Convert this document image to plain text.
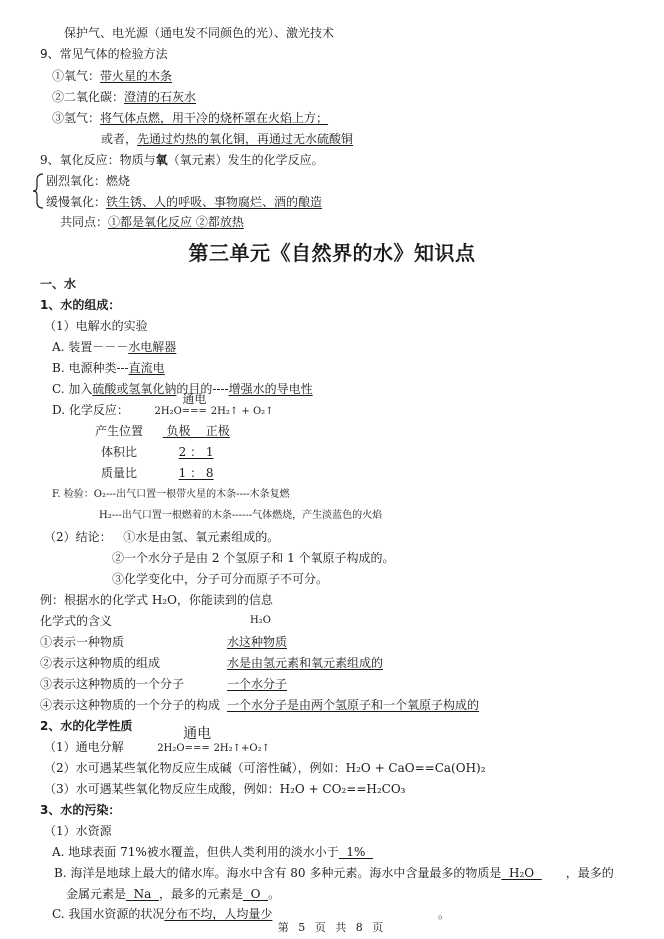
保护气、电光源（通电发不同颜色的光）、激光技术
9、常见气体的检验方法
①氧气：带火星的木条
②二氧化碳：澄清的石灰水
③氢气：将气体点燃，用干冷的烧杯罩在火焰上方；
或者，先通过灼热的氧化铜，再通过无水硫酸铜
9、氧化反应：物质与氧（氧元素）发生的化学反应。
剧烈氧化：燃烧
缓慢氧化：铁生锈、人的呼吸、事物腐烂、酒的酿造
共同点：①都是氧化反应 ②都放热
第三单元《自然界的水》知识点
一、水
1、水的组成：
（1）电解水的实验
A. 装置－－－水电解器
B. 电源种类---直流电
C. 加入硫酸或氢氧化钠的目的----增强水的导电性
D. 化学反应：	2H₂O
通电
=== 2H₂↑ + O₂↑
产生位置 负极 正极
体积比	2 ： 1
质量比	1 ： 8
F. 检验：O₂---出气口置一根带火星的木条----木条复燃
H₂---出气口置一根燃着的木条------气体燃烧，产生淡蓝色的火焰
（2）结论： ①水是由氢、氧元素组成的。
②一个水分子是由 2 个氢原子和 1 个氧原子构成的。
③化学变化中，分子可分而原子不可分。
例：根据水的化学式 H₂O，你能读到的信息
化学式的含义	H₂O
①表示一种物质	水这种物质
②表示这种物质的组成	水是由氢元素和氧元素组成的
③表示这种物质的一个分子	一个水分子
④表示这种物质的一个分子的构成 一个水分子是由两个氢原子和一个氧原子构成的
2、水的化学性质
（1）通电分解	2H₂O
通电
=== 2H₂↑+O₂↑
（2）水可遇某些氧化物反应生成碱（可溶性碱），例如：H₂O + CaO==Ca(OH)₂
（3）水可遇某些氧化物反应生成酸，例如：H₂O + CO₂==H₂CO₃
3、水的污染：
（1）水资源
A. 地球表面 71%被水覆盖，但供人类利用的淡水小于  1%
B. 海洋是地球上最大的储水库。海水中含有 80 多种元素。海水中含量最多的物质是  H₂O  ，最多的
金属元素是  Na  ，最多的元素是  O  。
C. 我国水资源的状况分布不均，人均量少	。
第 5 页 共 8 页
